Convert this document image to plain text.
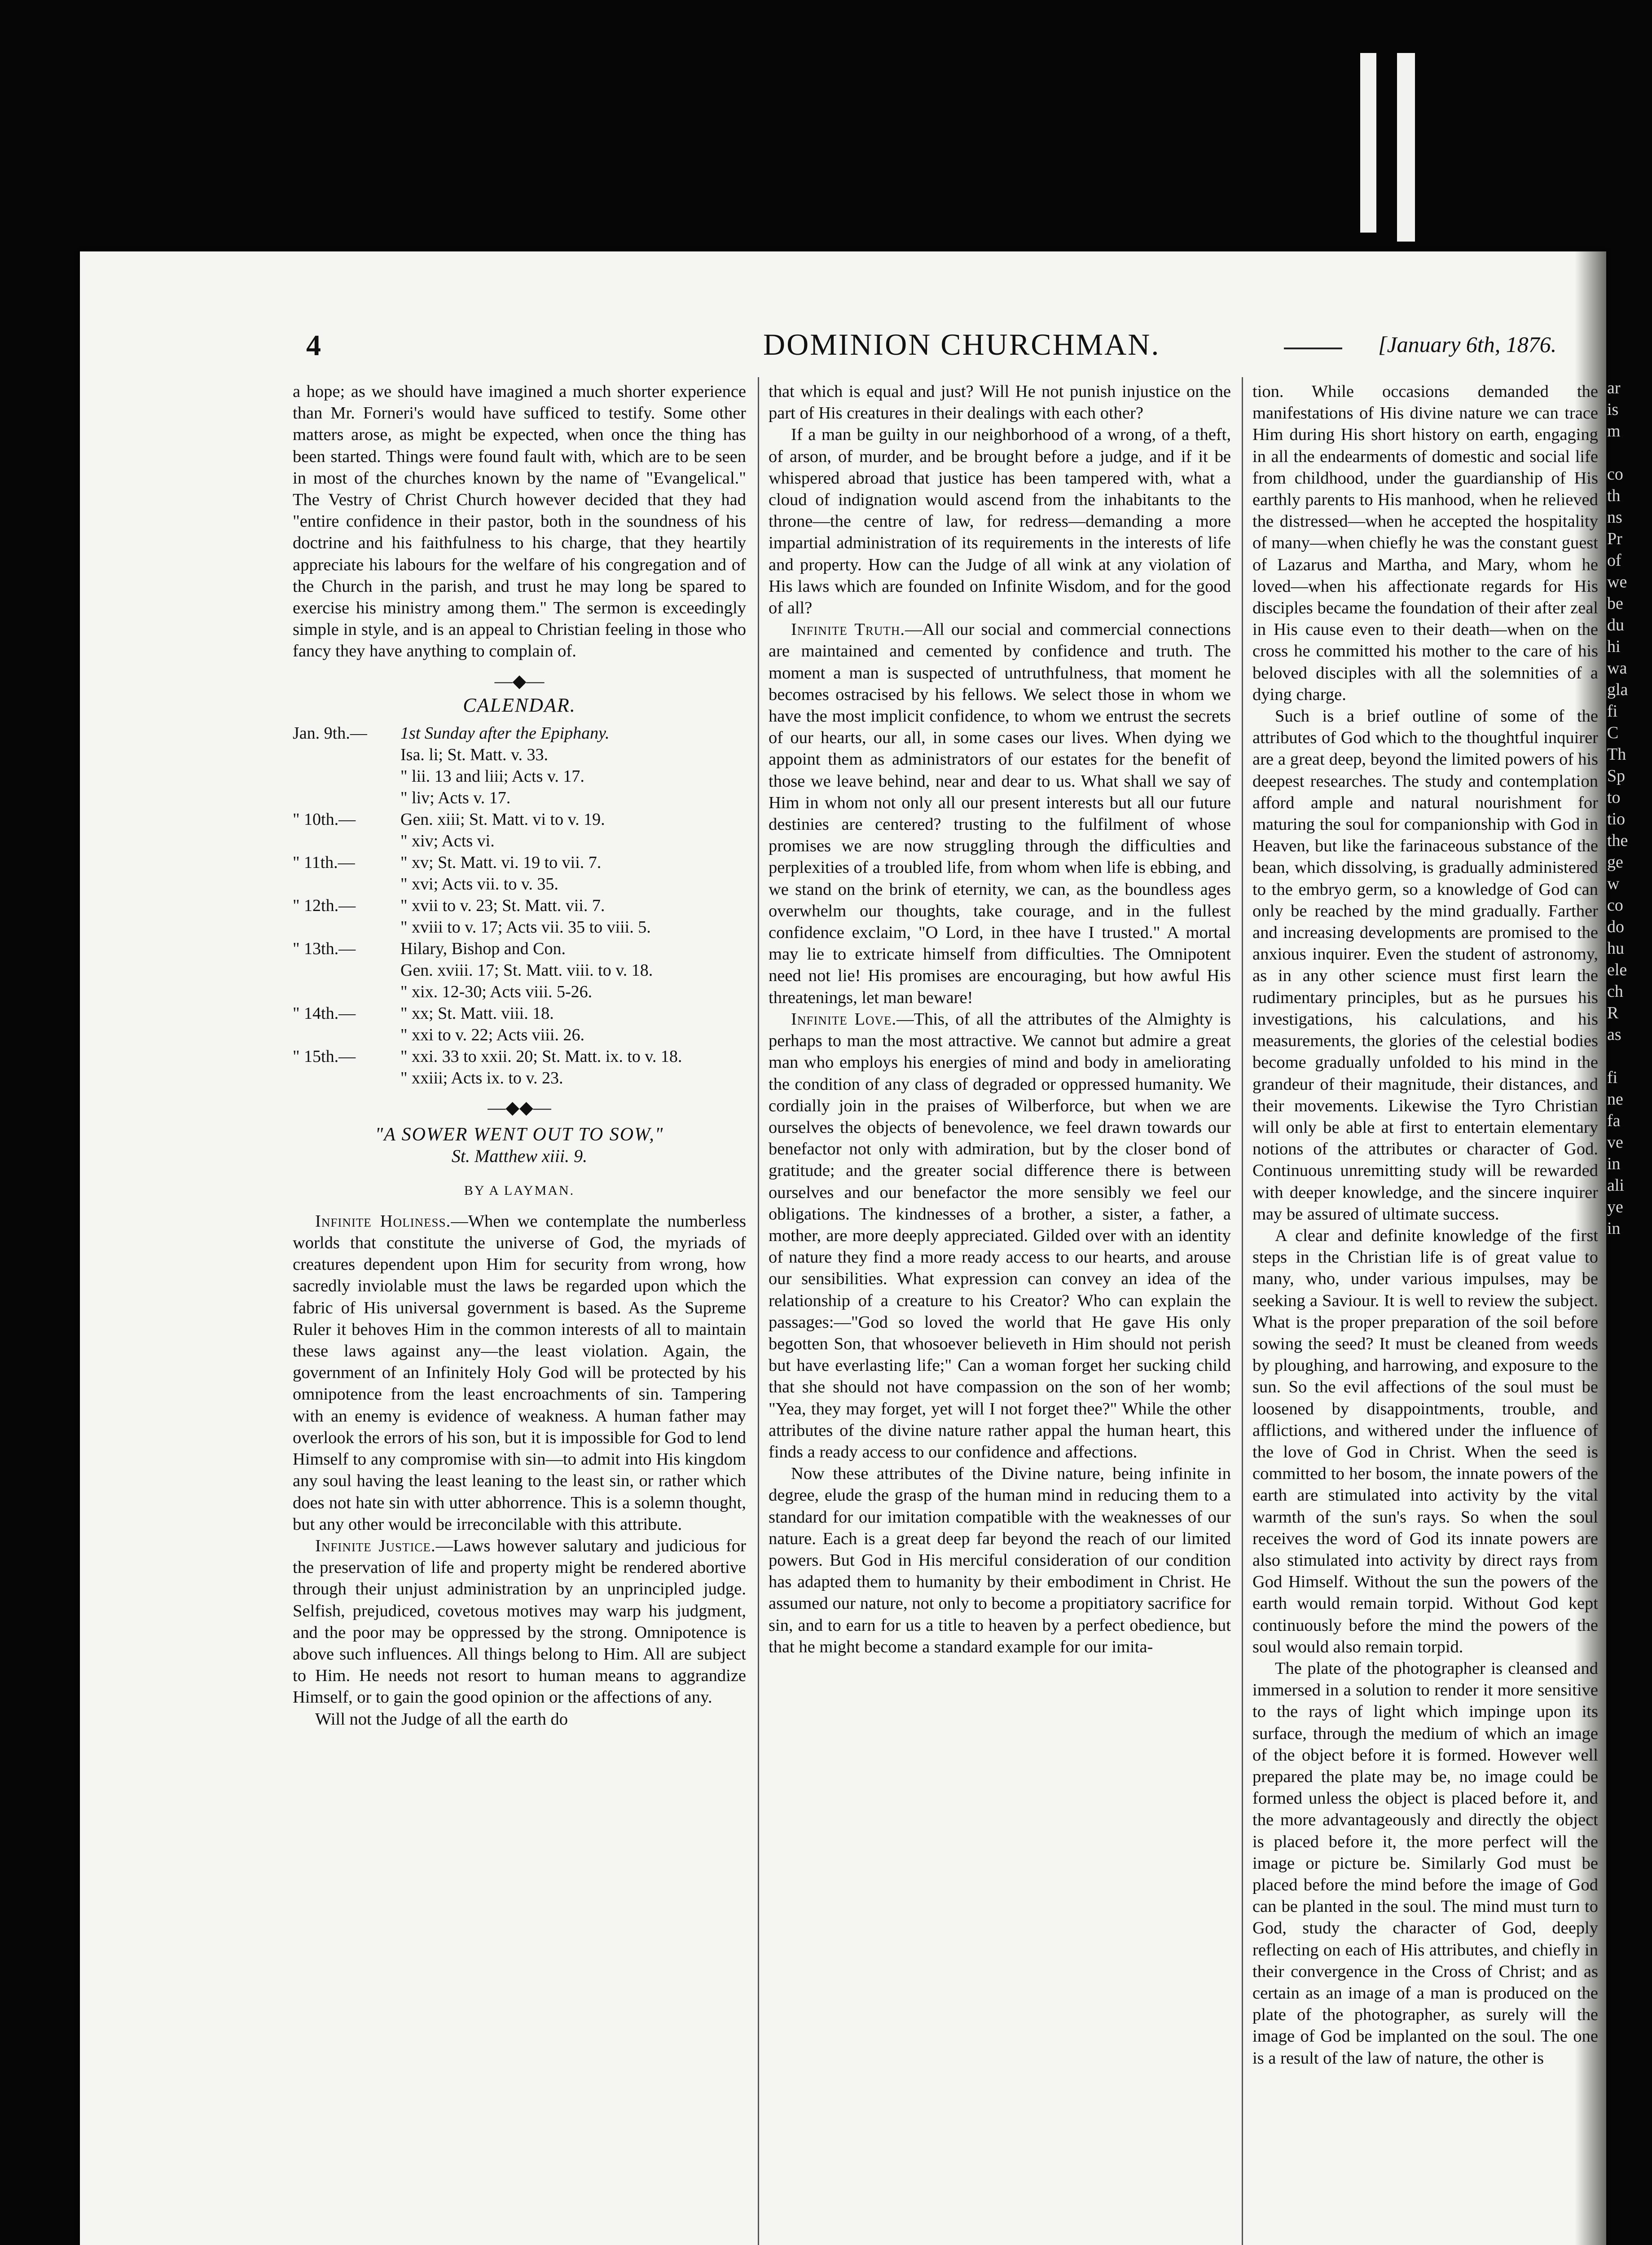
4	DOMINION CHURCHMAN.	[January 6th, 1876.

a hope; as we should have imagined a much shorter experience than Mr. Forneri's would have sufficed to testify. Some other matters arose, as might be expected, when once the thing has been started. Things were found fault with, which are to be seen in most of the churches known by the name of "Evangelical." The Vestry of Christ Church however decided that they had "entire confidence in their pastor, both in the soundness of his doctrine and his faithfulness to his charge, that they heartily appreciate his labours for the welfare of his congregation and of the Church in the parish, and trust he may long be spared to exercise his ministry among them." The sermon is exceedingly simple in style, and is an appeal to Christian feeling in those who fancy they have anything to complain of.

—◆—
CALENDAR.
Jan. 9th.—	1st Sunday after the Epiphany.
Isa. li; St. Matt. v. 33.
" lii. 13 and liii; Acts v. 17.
" liv; Acts v. 17.
" 10th.—	Gen. xiii; St. Matt. vi to v. 19.
" xiv; Acts vi.
" 11th.—	" xv; St. Matt. vi. 19 to vii. 7.
" xvi; Acts vii. to v. 35.
" 12th.—	" xvii to v. 23; St. Matt. vii. 7.
" xviii to v. 17; Acts vii. 35 to viii. 5.
" 13th.—	Hilary, Bishop and Con.
Gen. xviii. 17; St. Matt. viii. to v. 18.
" xix. 12-30; Acts viii. 5-26.
" 14th.—	" xx; St. Matt. viii. 18.
" xxi to v. 22; Acts viii. 26.
" 15th.—	" xxi. 33 to xxii. 20; St. Matt. ix. to v. 18.
" xxiii; Acts ix. to v. 23.
—◆◆—
"A SOWER WENT OUT TO SOW,"
St. Matthew xiii. 9.
BY A LAYMAN.

Infinite Holiness.—When we contemplate the numberless worlds that constitute the universe of God, the myriads of creatures dependent upon Him for security from wrong, how sacredly inviolable must the laws be regarded upon which the fabric of His universal government is based. As the Supreme Ruler it behoves Him in the common interests of all to maintain these laws against any—the least violation. Again, the government of an Infinitely Holy God will be protected by his omnipotence from the least encroachments of sin. Tampering with an enemy is evidence of weakness. A human father may overlook the errors of his son, but it is impossible for God to lend Himself to any compromise with sin—to admit into His kingdom any soul having the least leaning to the least sin, or rather which does not hate sin with utter abhorrence. This is a solemn thought, but any other would be irreconcilable with this attribute.

Infinite Justice.—Laws however salutary and judicious for the preservation of life and property might be rendered abortive through their unjust administration by an unprincipled judge. Selfish, prejudiced, covetous motives may warp his judgment, and the poor may be oppressed by the strong. Omnipotence is above such influences. All things belong to Him. All are subject to Him. He needs not resort to human means to aggrandize Himself, or to gain the good opinion or the affections of any.

Will not the Judge of all the earth do

that which is equal and just? Will He not punish injustice on the part of His creatures in their dealings with each other?

If a man be guilty in our neighborhood of a wrong, of a theft, of arson, of murder, and be brought before a judge, and if it be whispered abroad that justice has been tampered with, what a cloud of indignation would ascend from the inhabitants to the throne—the centre of law, for redress—demanding a more impartial administration of its requirements in the interests of life and property. How can the Judge of all wink at any violation of His laws which are founded on Infinite Wisdom, and for the good of all?

Infinite Truth.—All our social and commercial connections are maintained and cemented by confidence and truth. The moment a man is suspected of untruthfulness, that moment he becomes ostracised by his fellows. We select those in whom we have the most implicit confidence, to whom we entrust the secrets of our hearts, our all, in some cases our lives. When dying we appoint them as administrators of our estates for the benefit of those we leave behind, near and dear to us. What shall we say of Him in whom not only all our present interests but all our future destinies are centered? trusting to the fulfilment of whose promises we are now struggling through the difficulties and perplexities of a troubled life, from whom when life is ebbing, and we stand on the brink of eternity, we can, as the boundless ages overwhelm our thoughts, take courage, and in the fullest confidence exclaim, "O Lord, in thee have I trusted." A mortal may lie to extricate himself from difficulties. The Omnipotent need not lie! His promises are encouraging, but how awful His threatenings, let man beware!

Infinite Love.—This, of all the attributes of the Almighty is perhaps to man the most attractive. We cannot but admire a great man who employs his energies of mind and body in ameliorating the condition of any class of degraded or oppressed humanity. We cordially join in the praises of Wilberforce, but when we are ourselves the objects of benevolence, we feel drawn towards our benefactor not only with admiration, but by the closer bond of gratitude; and the greater social difference there is between ourselves and our benefactor the more sensibly we feel our obligations. The kindnesses of a brother, a sister, a father, a mother, are more deeply appreciated. Gilded over with an identity of nature they find a more ready access to our hearts, and arouse our sensibilities. What expression can convey an idea of the relationship of a creature to his Creator? Who can explain the passages:—"God so loved the world that He gave His only begotten Son, that whosoever believeth in Him should not perish but have everlasting life;" Can a woman forget her sucking child that she should not have compassion on the son of her womb; "Yea, they may forget, yet will I not forget thee?" While the other attributes of the divine nature rather appal the human heart, this finds a ready access to our confidence and affections.

Now these attributes of the Divine nature, being infinite in degree, elude the grasp of the human mind in reducing them to a standard for our imitation compatible with the weaknesses of our nature. Each is a great deep far beyond the reach of our limited powers. But God in His merciful consideration of our condition has adapted them to humanity by their embodiment in Christ. He assumed our nature, not only to become a propitiatory sacrifice for sin, and to earn for us a title to heaven by a perfect obedience, but that he might become a standard example for our imita-

tion. While occasions demanded the manifestations of His divine nature we can trace Him during His short history on earth, engaging in all the endearments of domestic and social life from childhood, under the guardianship of His earthly parents to His manhood, when he relieved the distressed—when he accepted the hospitality of many—when chiefly he was the constant guest of Lazarus and Martha, and Mary, whom he loved—when his affectionate regards for His disciples became the foundation of their after zeal in His cause even to their death—when on the cross he committed his mother to the care of his beloved disciples with all the solemnities of a dying charge.

Such is a brief outline of some of the attributes of God which to the thoughtful inquirer are a great deep, beyond the limited powers of his deepest researches. The study and contemplation afford ample and natural nourishment for maturing the soul for companionship with God in Heaven, but like the farinaceous substance of the bean, which dissolving, is gradually administered to the embryo germ, so a knowledge of God can only be reached by the mind gradually. Farther and increasing developments are promised to the anxious inquirer. Even the student of astronomy, as in any other science must first learn the rudimentary principles, but as he pursues his investigations, his calculations, and his measurements, the glories of the celestial bodies become gradually unfolded to his mind in the grandeur of their magnitude, their distances, and their movements. Likewise the Tyro Christian will only be able at first to entertain elementary notions of the attributes or character of God. Continuous unremitting study will be rewarded with deeper knowledge, and the sincere inquirer may be assured of ultimate success.

A clear and definite knowledge of the first steps in the Christian life is of great value to many, who, under various impulses, may be seeking a Saviour. It is well to review the subject. What is the proper preparation of the soil before sowing the seed? It must be cleaned from weeds by ploughing, and harrowing, and exposure to the sun. So the evil affections of the soul must be loosened by disappointments, trouble, and afflictions, and withered under the influence of the love of God in Christ. When the seed is committed to her bosom, the innate powers of the earth are stimulated into activity by the vital warmth of the sun's rays. So when the soul receives the word of God its innate powers are also stimulated into activity by direct rays from God Himself. Without the sun the powers of the earth would remain torpid. Without God kept continuously before the mind the powers of the soul would also remain torpid.

The plate of the photographer is cleansed and immersed in a solution to render it more sensitive to the rays of light which impinge upon its surface, through the medium of which an image of the object before it is formed. However well prepared the plate may be, no image could be formed unless the object is placed before it, and the more advantageously and directly the object is placed before it, the more perfect will the image or picture be. Similarly God must be placed before the mind before the image of God can be planted in the soul. The mind must turn to God, study the character of God, deeply reflecting on each of His attributes, and chiefly in their convergence in the Cross of Christ; and as certain as an image of a man is produced on the plate of the photographer, as surely will the image of God be implanted on the soul. The one is a result of the law of nature, the other is

ar
is
m
co
th
ns
Pr
of
we
be
du
hi
wa
gla
fi
C
Th
Sp
to
tio
the
ge
w
co
do
hu
ele
ch
R
as
fi
ne
fa
ve
in
ali
ye
in
